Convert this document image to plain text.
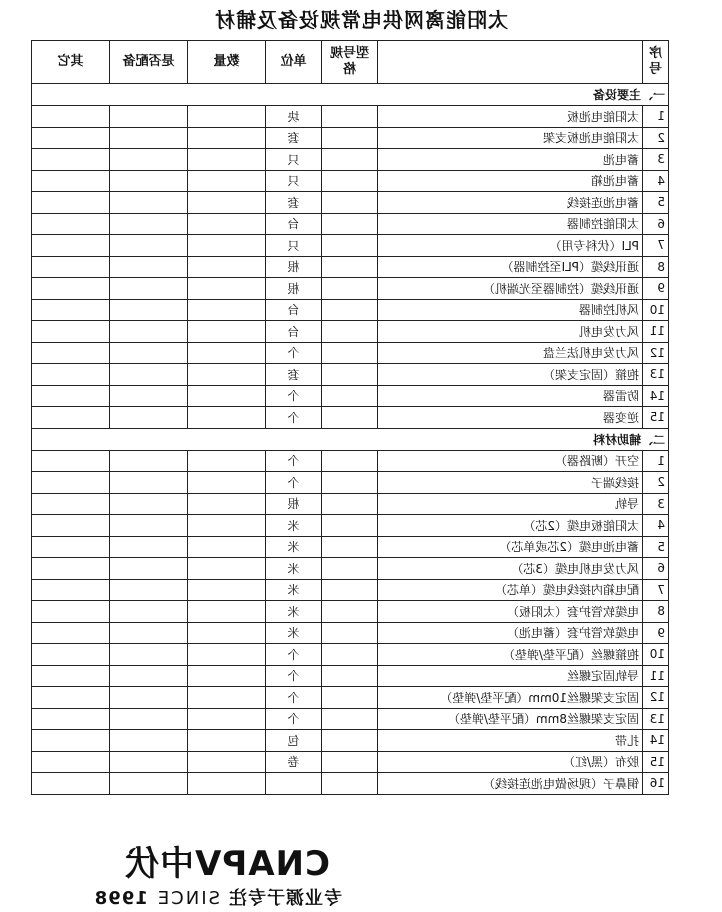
太阳能离网供电常规设备及辅材
序号		型号规格	单位	数量	是否配备	其它
一、主要设备						
1	太阳能电池板		块			
2	太阳能电池板支架		套			
3	蓄电池		只			
4	蓄电池箱		只			
5	蓄电池连接线		套			
6	太阳能控制器		台			
7	PLI（伏科专用）		只			
8	通讯线缆（PLI至控制器）		根			
9	通讯线缆（控制器至光端机）		根			
10	风机控制器		台			
11	风力发电机		台			
12	风力发电机法兰盘		个			
13	抱箍（固定支架）		套			
14	防雷器		个			
15	逆变器		个			
二、辅助材料						
1	空开（断路器）		个			
2	接线端子		个			
3	导轨		根			
4	太阳能板电缆（2芯）		米			
5	蓄电池电缆（2芯或单芯）		米			
6	风力发电机电缆（3芯）		米			
7	配电箱内接线电缆（单芯）		米			
8	电缆软管护套（太阳板）		米			
9	电缆软管护套（蓄电池）		米			
10	抱箍螺丝（配平垫/弹垫）		个			
11	导轨固定螺丝		个			
12	固定支架螺丝10mm（配平垫/弹垫）		个			
13	固定支架螺丝8mm（配平垫/弹垫）		个			
14	扎带		包			
15	胶布（黑/红）		卷			
16	铜鼻子（现场做电池连接线）					
CNAPV中伏
专业源于专注SINCE1998
